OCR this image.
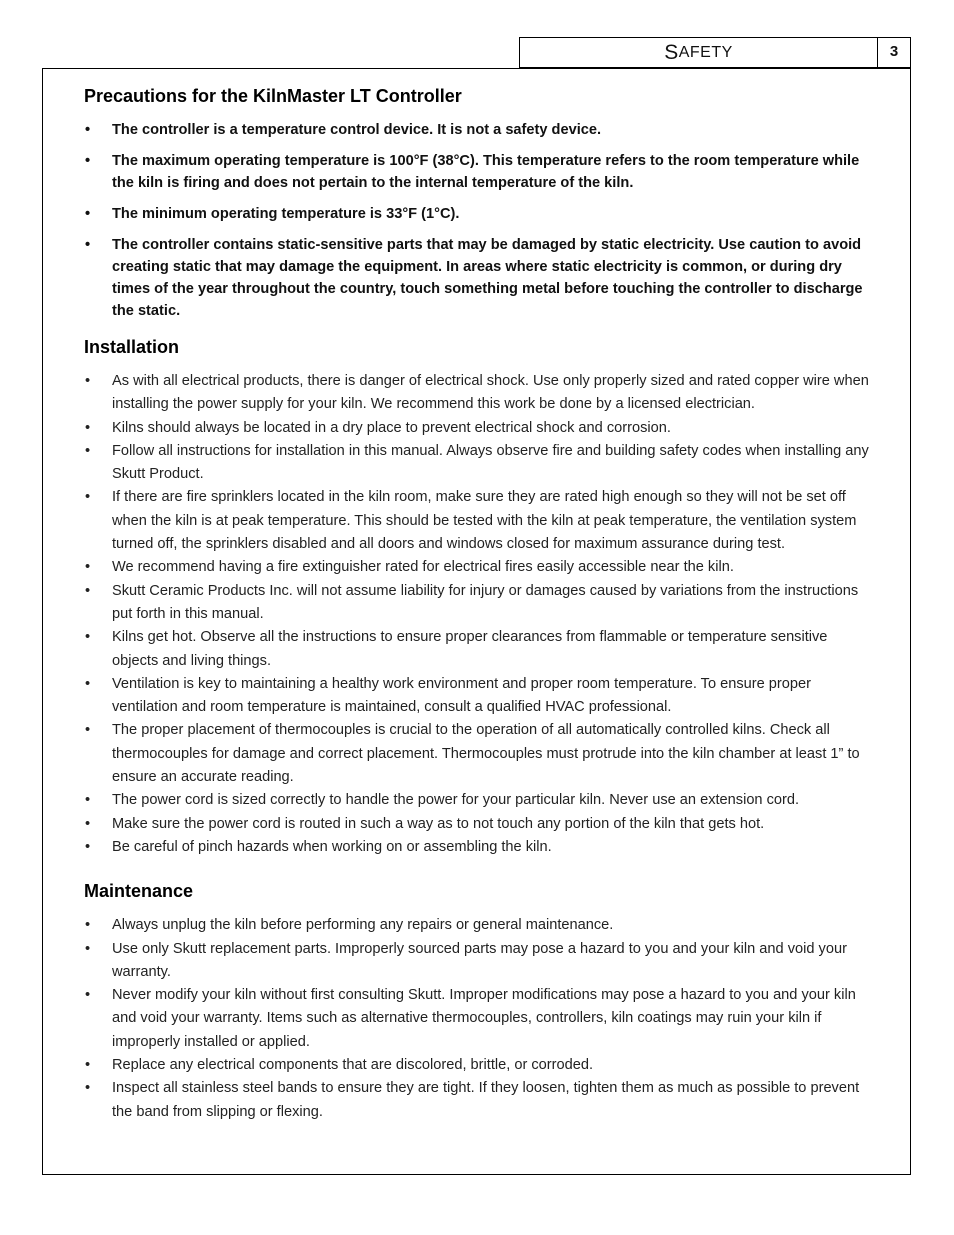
S AFETY	3
Precautions for the KilnMaster LT Controller
• The controller is a temperature control device. It is not a safety device.
• The maximum operating temperature is 100°F (38°C). This temperature refers to the room temperature while the kiln is firing and does not pertain to the internal temperature of the kiln.
• The minimum operating temperature is 33°F (1°C).
• The controller contains static-sensitive parts that may be damaged by static electricity. Use caution to avoid creating static that may damage the equipment. In areas where static electricity is common, or during dry times of the year throughout the country, touch something metal before touching the controller to discharge the static.
Installation
• As with all electrical products, there is danger of electrical shock. Use only properly sized and rated copper wire when installing the power supply for your kiln. We recommend this work be done by a licensed electrician.
• Kilns should always be located in a dry place to prevent electrical shock and corrosion.
• Follow all instructions for installation in this manual. Always observe fire and building safety codes when installing any Skutt Product.
• If there are fire sprinklers located in the kiln room, make sure they are rated high enough so they will not be set off when the kiln is at peak temperature. This should be tested with the kiln at peak temperature, the ventilation system turned off, the sprinklers disabled and all doors and windows closed for maximum assurance during test.
• We recommend having a fire extinguisher rated for electrical fires easily accessible near the kiln.
• Skutt Ceramic Products Inc. will not assume liability for injury or damages caused by variations from the instructions put forth in this manual.
• Kilns get hot. Observe all the instructions to ensure proper clearances from flammable or temperature sensitive objects and living things.
• Ventilation is key to maintaining a healthy work environment and proper room temperature. To ensure proper ventilation and room temperature is maintained, consult a qualified HVAC professional.
• The proper placement of thermocouples is crucial to the operation of all automatically controlled kilns. Check all thermocouples for damage and correct placement. Thermocouples must protrude into the kiln chamber at least 1” to ensure an accurate reading.
• The power cord is sized correctly to handle the power for your particular kiln. Never use an extension cord.
• Make sure the power cord is routed in such a way as to not touch any portion of the kiln that gets hot.
• Be careful of pinch hazards when working on or assembling the kiln.
Maintenance
• Always unplug the kiln before performing any repairs or general maintenance.
• Use only Skutt replacement parts. Improperly sourced parts may pose a hazard to you and your kiln and void your warranty.
• Never modify your kiln without first consulting Skutt. Improper modifications may pose a hazard to you and your kiln and void your warranty. Items such as alternative thermocouples, controllers, kiln coatings may ruin your kiln if improperly installed or applied.
• Replace any electrical components that are discolored, brittle, or corroded.
• Inspect all stainless steel bands to ensure they are tight. If they loosen, tighten them as much as possible to prevent the band from slipping or flexing.
